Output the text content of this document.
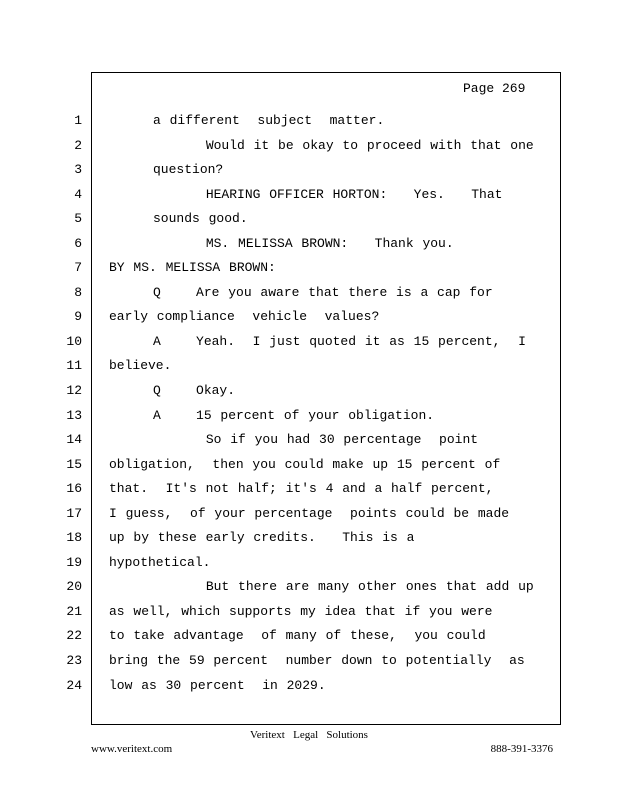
Page 269
1
2
3
4
5
6
7
8
9
10
11
12
13
14
15
16
17
18
19
20
21
22
23
24
a different  subject  matter.
Would it be okay to proceed with that one
question?
HEARING OFFICER HORTON:   Yes.   That
sounds good.
MS. MELISSA BROWN:   Thank you.
BY MS. MELISSA BROWN:
Q    Are you aware that there is a cap for
early compliance  vehicle  values?
A    Yeah.  I just quoted it as 15 percent,  I
believe.
Q    Okay.
A    15 percent of your obligation.
So if you had 30 percentage  point
obligation,  then you could make up 15 percent of
that.  It's not half; it's 4 and a half percent,
I guess,  of your percentage  points could be made
up by these early credits.   This is a
hypothetical.
But there are many other ones that add up
as well, which supports my idea that if you were
to take advantage  of many of these,  you could
bring the 59 percent  number down to potentially  as
low as 30 percent  in 2029.
Veritext   Legal   Solutions
www.veritext.com	888-391-3376
